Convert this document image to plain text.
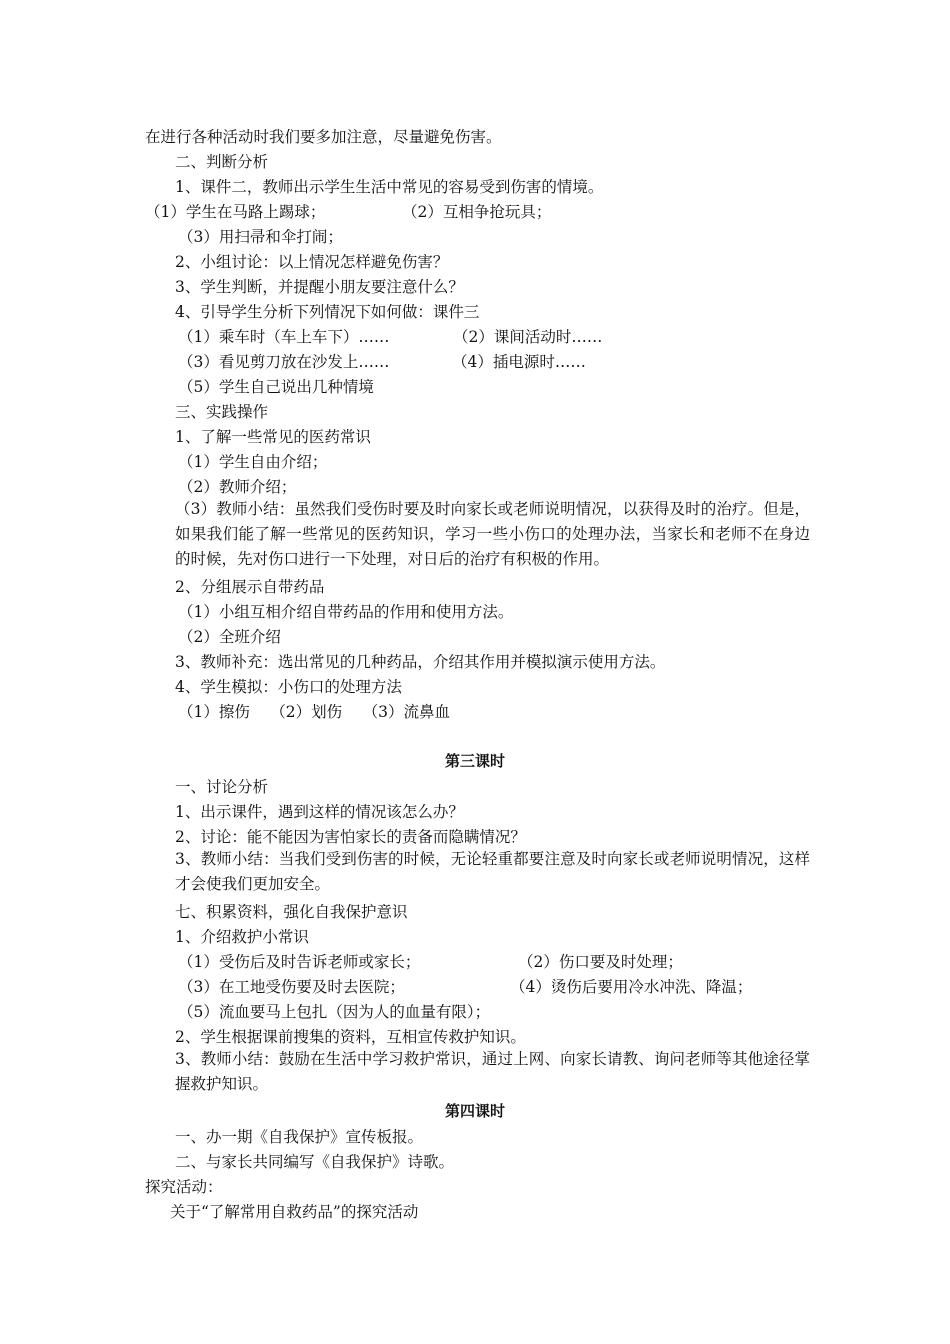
在进行各种活动时我们要多加注意，尽量避免伤害。
二、判断分析
1、课件二，教师出示学生生活中常见的容易受到伤害的情境。
（1）学生在马路上踢球；	（2）互相争抢玩具；
（3）用扫帚和伞打闹；
2、小组讨论：以上情况怎样避免伤害？
3、学生判断，并提醒小朋友要注意什么？
4、引导学生分析下列情况下如何做：课件三
（1）乘车时（车上车下）……	（2）课间活动时……
（3）看见剪刀放在沙发上……	（4）插电源时……
（5）学生自己说出几种情境
三、实践操作
1、了解一些常见的医药常识
（1）学生自由介绍；
（2）教师介绍；
（3）教师小结：虽然我们受伤时要及时向家长或老师说明情况，以获得及时的治疗。但是，如果我们能了解一些常见的医药知识，学习一些小伤口的处理办法，当家长和老师不在身边的时候，先对伤口进行一下处理，对日后的治疗有积极的作用。
2、分组展示自带药品
（1）小组互相介绍自带药品的作用和使用方法。
（2）全班介绍
3、教师补充：选出常见的几种药品，介绍其作用并模拟演示使用方法。
4、学生模拟：小伤口的处理方法
（1）擦伤　 （2）划伤　 （3）流鼻血
第三课时
一、讨论分析
1、出示课件，遇到这样的情况该怎么办？
2、讨论：能不能因为害怕家长的责备而隐瞒情况？
3、教师小结：当我们受到伤害的时候，无论轻重都要注意及时向家长或老师说明情况，这样才会使我们更加安全。
七、积累资料，强化自我保护意识
1、介绍救护小常识
（1）受伤后及时告诉老师或家长；	（2）伤口要及时处理；
（3）在工地受伤要及时去医院；	（4）烫伤后要用冷水冲洗、降温；
（5）流血要马上包扎（因为人的血量有限）；
2、学生根据课前搜集的资料，互相宣传救护知识。
3、教师小结：鼓励在生活中学习救护常识，通过上网、向家长请教、询问老师等其他途径掌握救护知识。
第四课时
一、办一期《自我保护》宣传板报。
二、与家长共同编写《自我保护》诗歌。
探究活动：
关于“了解常用自救药品”的探究活动
